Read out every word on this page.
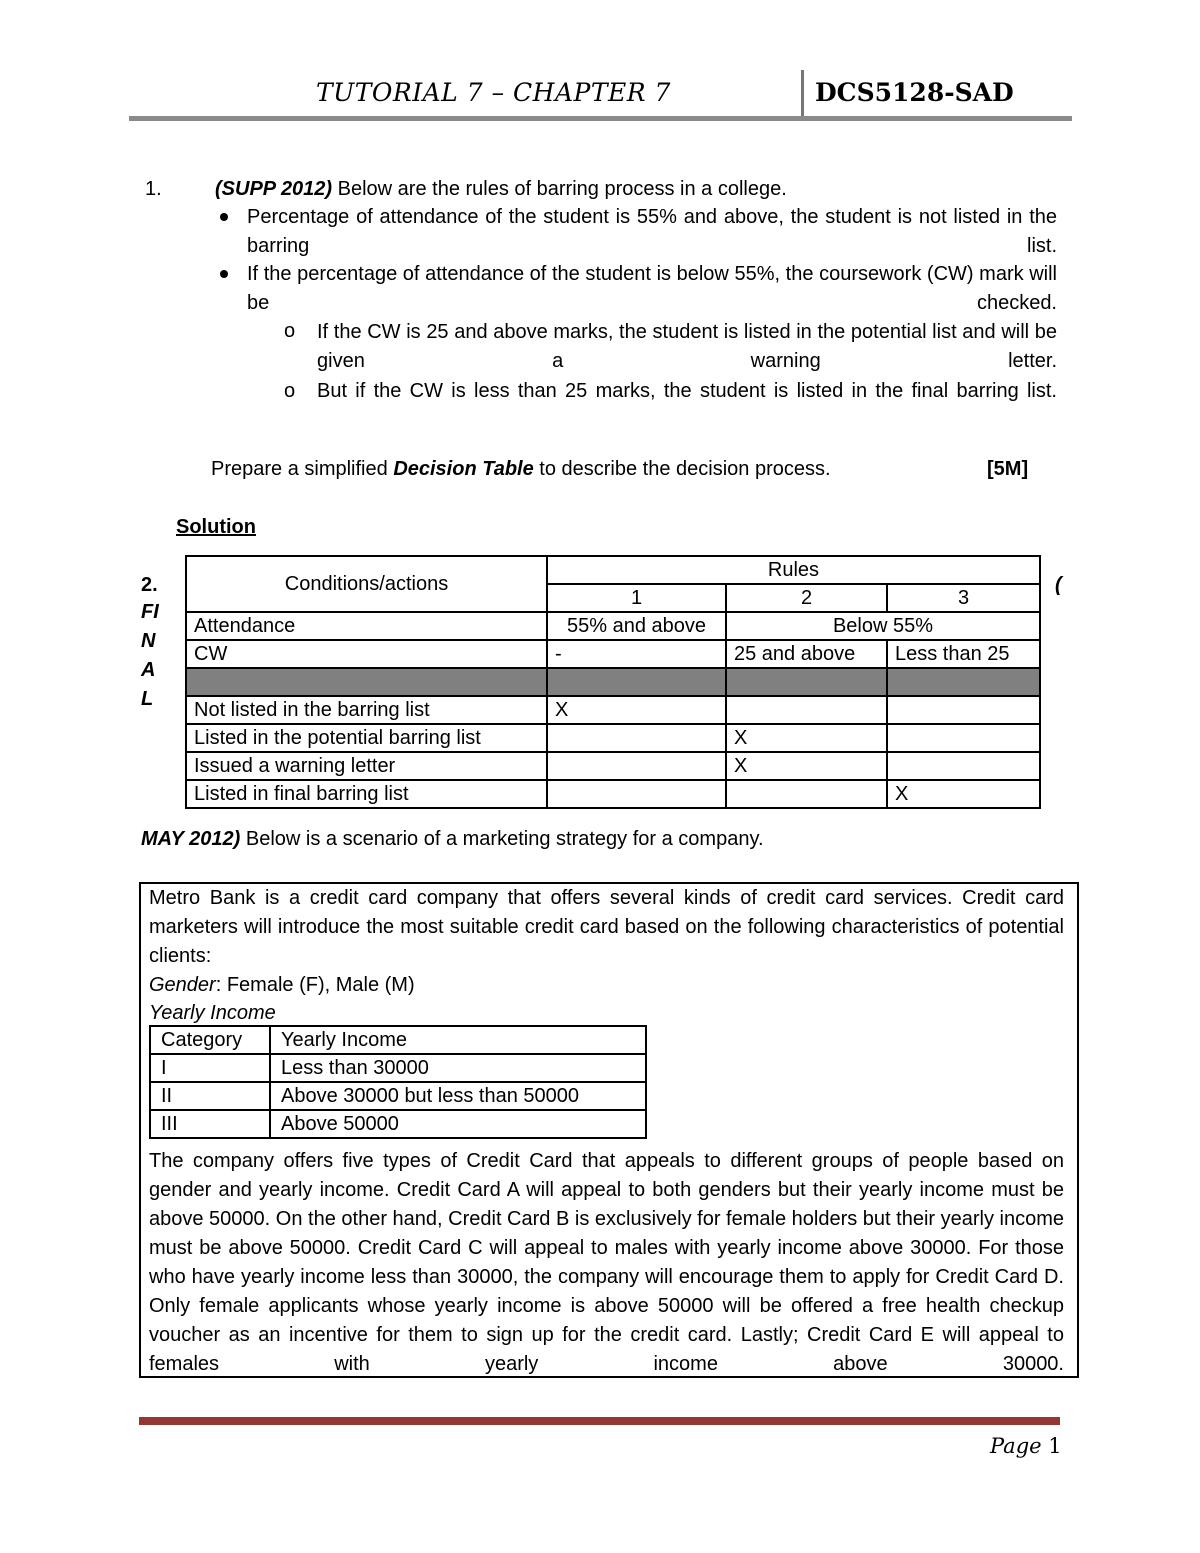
TUTORIAL 7 – CHAPTER 7	DCS5128-SAD
1.	(SUPP 2012) Below are the rules of barring process in a college.
Percentage of attendance of the student is 55% and above, the student is not listed in the barring list.
If the percentage of attendance of the student is below 55%, the coursework (CW) mark will be checked.
o If the CW is 25 and above marks, the student is listed in the potential list and will be given a warning letter.
o But if the CW is less than 25 marks, the student is listed in the final barring list.
Prepare a simplified Decision Table to describe the decision process.	[5M]
Solution
2.
FI
N
A
L
(
Conditions/actions	Rules		
	1	2	3
Attendance	55% and above	Below 55%	
CW	-	25 and above	Less than 25

Not listed in the barring list	X		
Listed in the potential barring list		X	
Issued a warning letter		X	
Listed in final barring list			X
MAY 2012) Below is a scenario of a marketing strategy for a company.
Metro Bank is a credit card company that offers several kinds of credit card services. Credit card marketers will introduce the most suitable credit card based on the following characteristics of potential clients:
Gender: Female (F), Male (M)
Yearly Income
Category	Yearly Income
I	Less than 30000
II	Above 30000 but less than 50000
III	Above 50000
The company offers five types of Credit Card that appeals to different groups of people based on gender and yearly income. Credit Card A will appeal to both genders but their yearly income must be above 50000. On the other hand, Credit Card B is exclusively for female holders but their yearly income must be above 50000. Credit Card C will appeal to males with yearly income above 30000. For those who have yearly income less than 30000, the company will encourage them to apply for Credit Card D. Only female applicants whose yearly income is above 50000 will be offered a free health checkup voucher as an incentive for them to sign up for the credit card. Lastly; Credit Card E will appeal to females with yearly income above 30000.
Page 1
